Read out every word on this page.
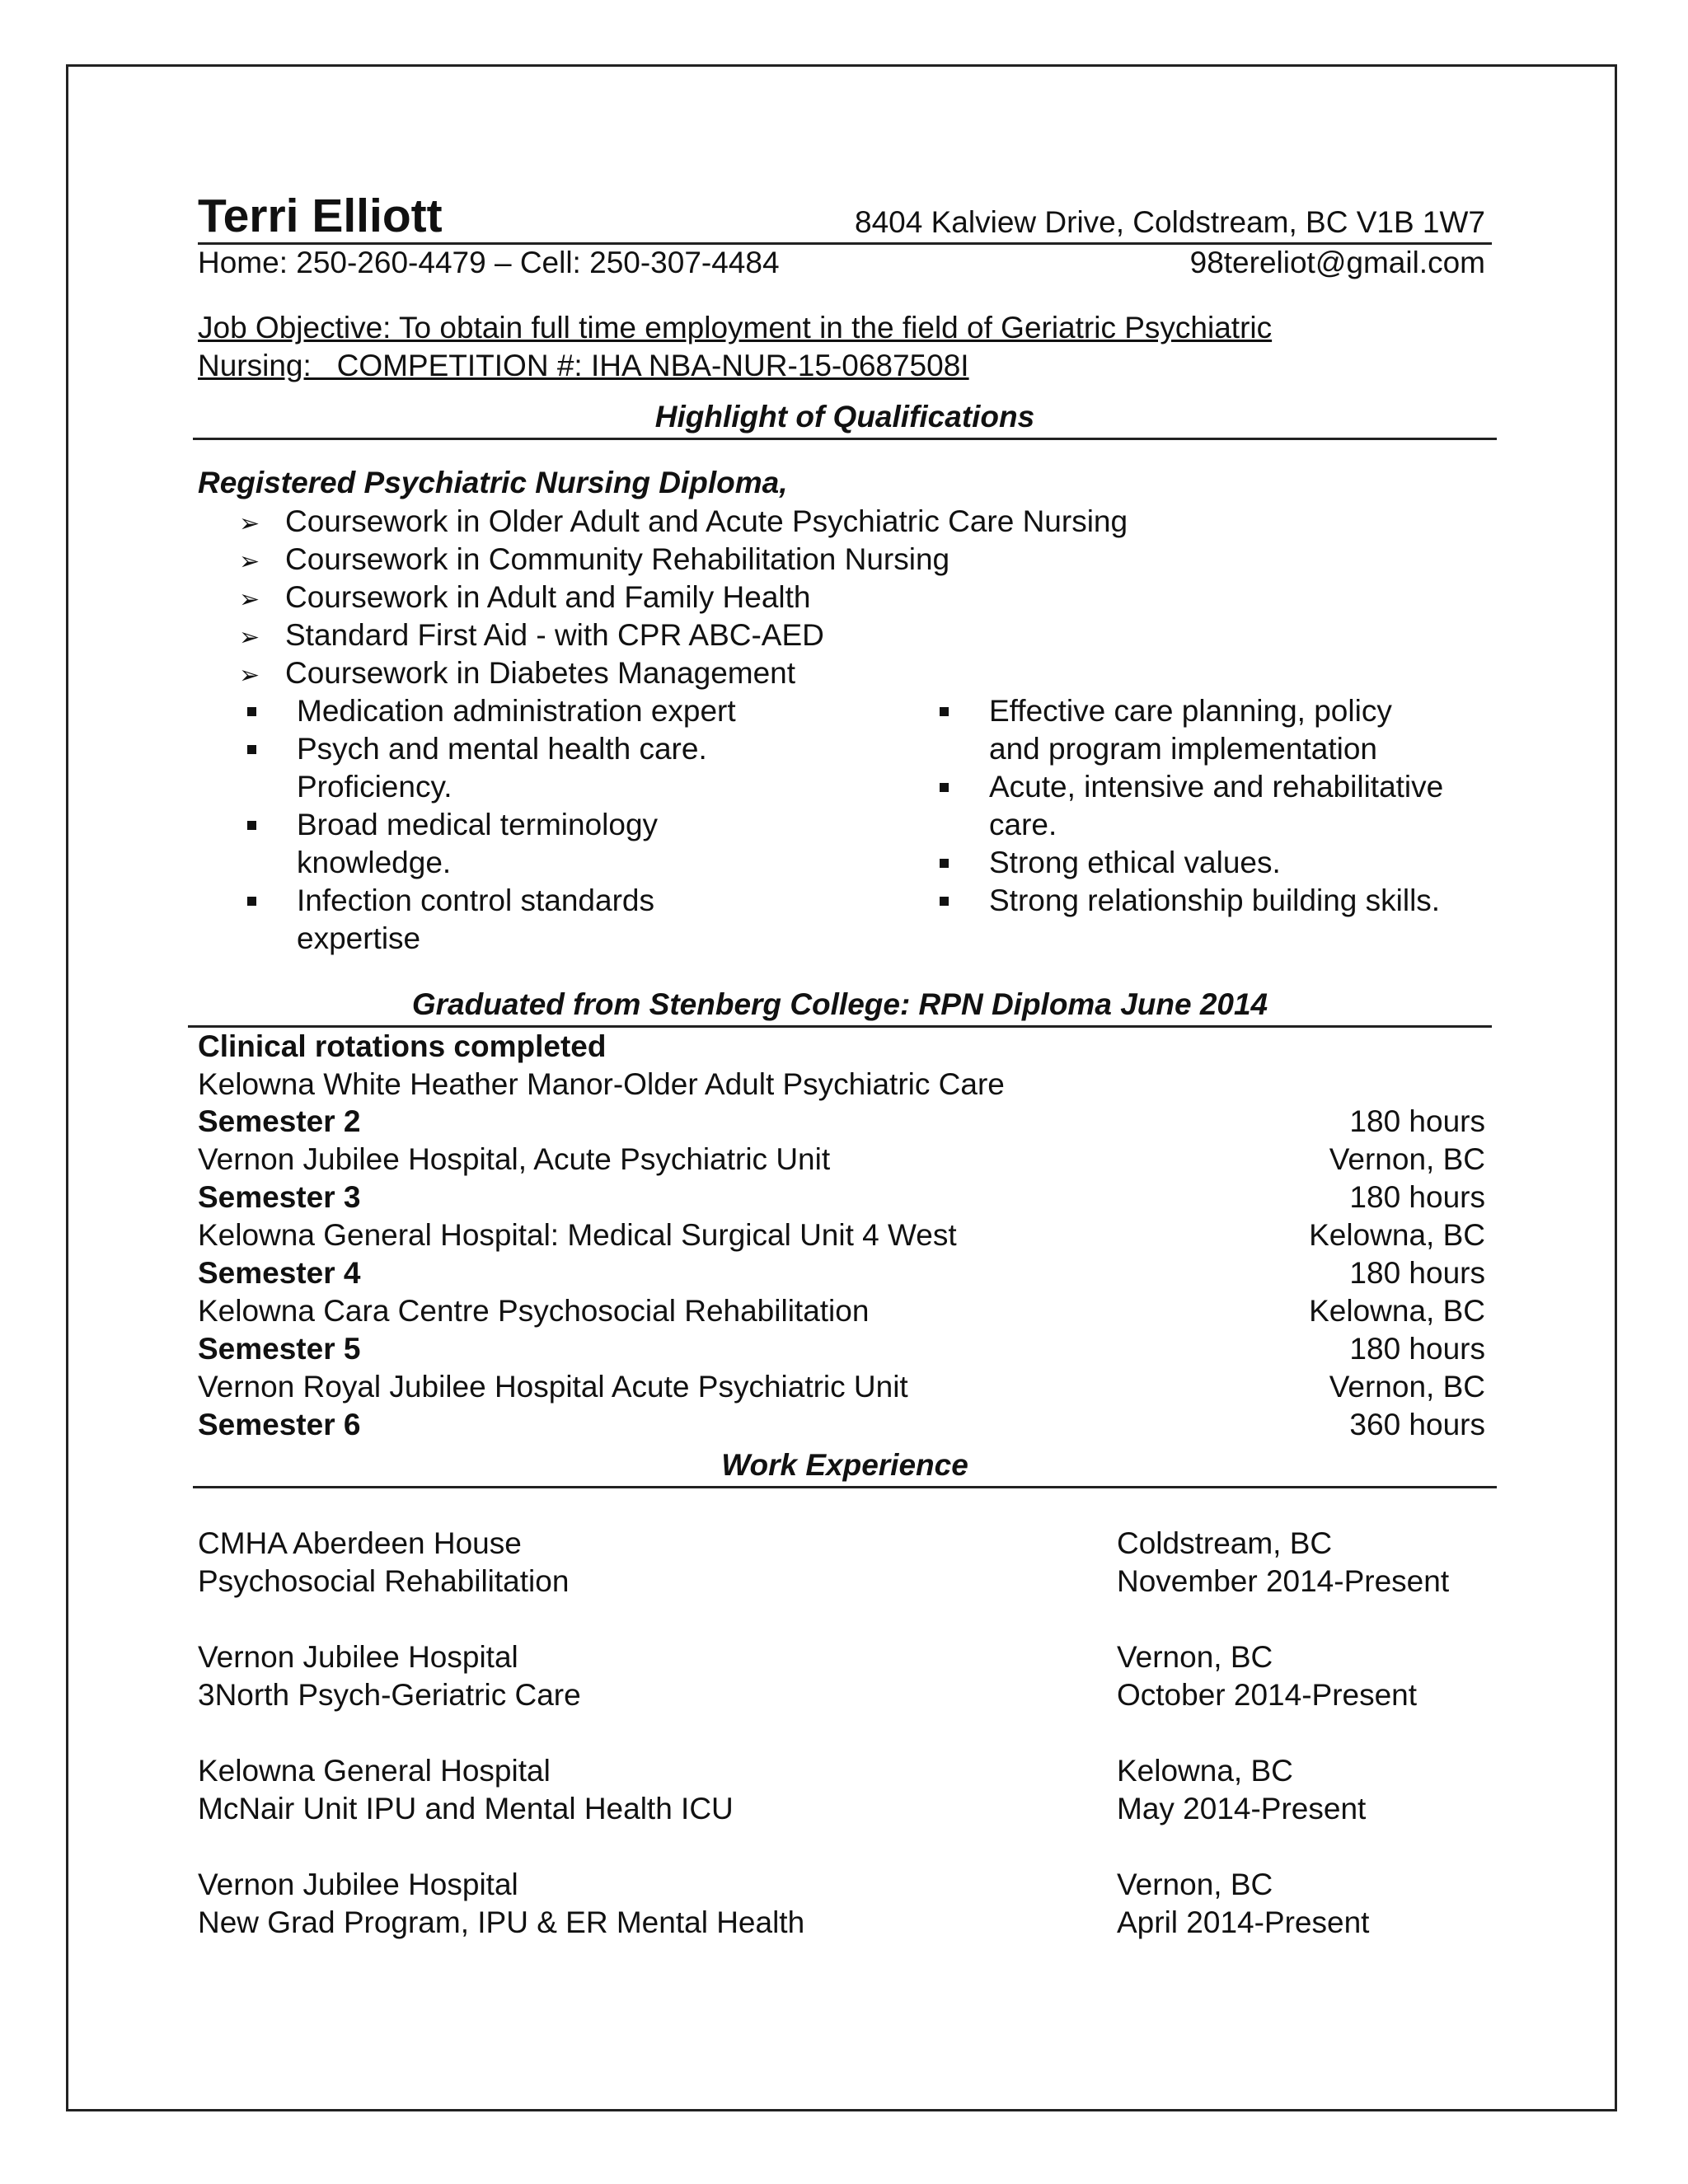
Terri Elliott	8404 Kalview Drive, Coldstream, BC V1B 1W7
Home: 250-260-4479 – Cell: 250-307-4484	98tereliot@gmail.com
Job Objective: To obtain full time employment in the field of Geriatric Psychiatric
Nursing:   COMPETITION #: IHA NBA-NUR-15-0687508I
Highlight of Qualifications
Registered Psychiatric Nursing Diploma,
➢ Coursework in Older Adult and Acute Psychiatric Care Nursing
➢ Coursework in Community Rehabilitation Nursing
➢ Coursework in Adult and Family Health
➢ Standard First Aid - with CPR ABC-AED
➢ Coursework in Diabetes Management
Medication administration expert
Psych and mental health care. Proficiency.
Broad medical terminology knowledge.
Infection control standards expertise
Effective care planning, policy and program implementation
Acute, intensive and rehabilitative care.
Strong ethical values.
Strong relationship building skills.
Graduated from Stenberg College: RPN Diploma June 2014
Clinical rotations completed
Kelowna White Heather Manor-Older Adult Psychiatric Care
Semester 2	180 hours
Vernon Jubilee Hospital, Acute Psychiatric Unit	Vernon, BC
Semester 3	180 hours
Kelowna General Hospital: Medical Surgical Unit 4 West	Kelowna, BC
Semester 4	180 hours
Kelowna Cara Centre Psychosocial Rehabilitation	Kelowna, BC
Semester 5	180 hours
Vernon Royal Jubilee Hospital Acute Psychiatric Unit	Vernon, BC
Semester 6	360 hours
Work Experience
CMHA Aberdeen House	Coldstream, BC
Psychosocial Rehabilitation	November 2014-Present
Vernon Jubilee Hospital	Vernon, BC
3North Psych-Geriatric Care	October 2014-Present
Kelowna General Hospital	Kelowna, BC
McNair Unit IPU and Mental Health ICU	May 2014-Present
Vernon Jubilee Hospital	Vernon, BC
New Grad Program, IPU & ER Mental Health	April 2014-Present
